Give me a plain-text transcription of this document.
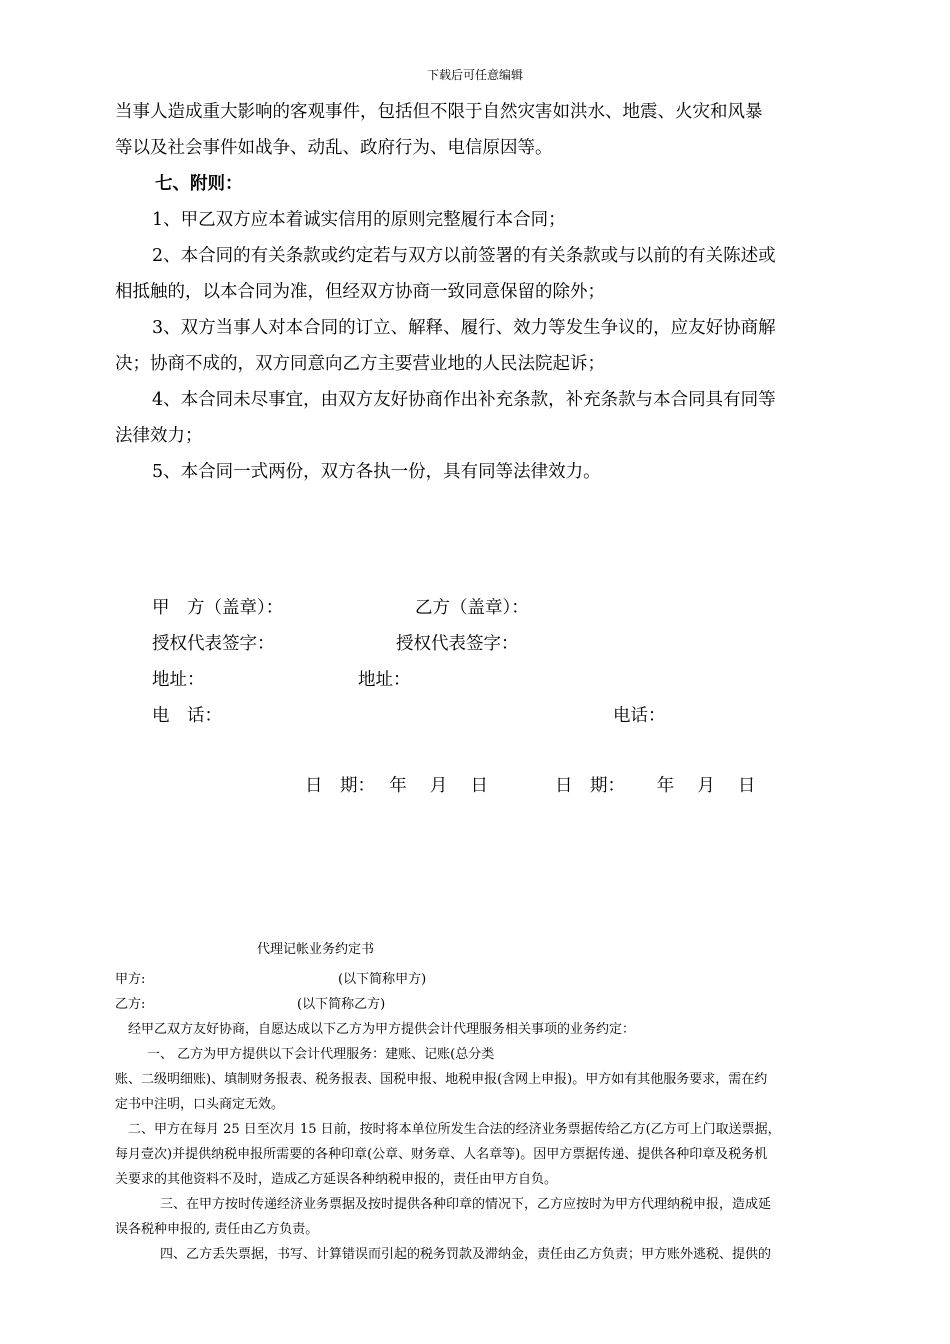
下载后可任意编辑
当事人造成重大影响的客观事件，包括但不限于自然灾害如洪水、地震、火灾和风暴
等以及社会事件如战争、动乱、政府行为、电信原因等。
七、附则：
1、甲乙双方应本着诚实信用的原则完整履行本合同；
2、本合同的有关条款或约定若与双方以前签署的有关条款或与以前的有关陈述或
相抵触的，以本合同为准，但经双方协商一致同意保留的除外；
3、双方当事人对本合同的订立、解释、履行、效力等发生争议的，应友好协商解
决；协商不成的，双方同意向乙方主要营业地的人民法院起诉；
4、本合同未尽事宜，由双方友好协商作出补充条款，补充条款与本合同具有同等
法律效力；
5、本合同一式两份，双方各执一份，具有同等法律效力。
甲　方（盖章）：	乙方（盖章）：
授权代表签字：	授权代表签字：
地址：	地址：
电　话：	电话：
日　期：　 年　 月　 日	日　期：　　 年　 月　 日
代理记帐业务约定书
甲方:	(以下简称甲方)
乙方:	(以下简称乙方)
经甲乙双方友好协商，自愿达成以下乙方为甲方提供会计代理服务相关事项的业务约定：
一、 乙方为甲方提供以下会计代理服务：建账、记账(总分类
账、二级明细账)、填制财务报表、税务报表、国税申报、地税申报(含网上申报)。甲方如有其他服务要求，需在约
定书中注明，口头商定无效。
二、甲方在每月 25 日至次月 15 日前，按时将本单位所发生合法的经济业务票据传给乙方(乙方可上门取送票据，
每月壹次)并提供纳税申报所需要的各种印章(公章、财务章、人名章等)。因甲方票据传递、提供各种印章及税务机
关要求的其他资料不及时，造成乙方延误各种纳税申报的，责任由甲方自负。
三、在甲方按时传递经济业务票据及按时提供各种印章的情况下，乙方应按时为甲方代理纳税申报，造成延
误各税种申报的, 责任由乙方负责。
四、乙方丢失票据，书写、计算错误而引起的税务罚款及滞纳金，责任由乙方负责；甲方账外逃税、提供的
